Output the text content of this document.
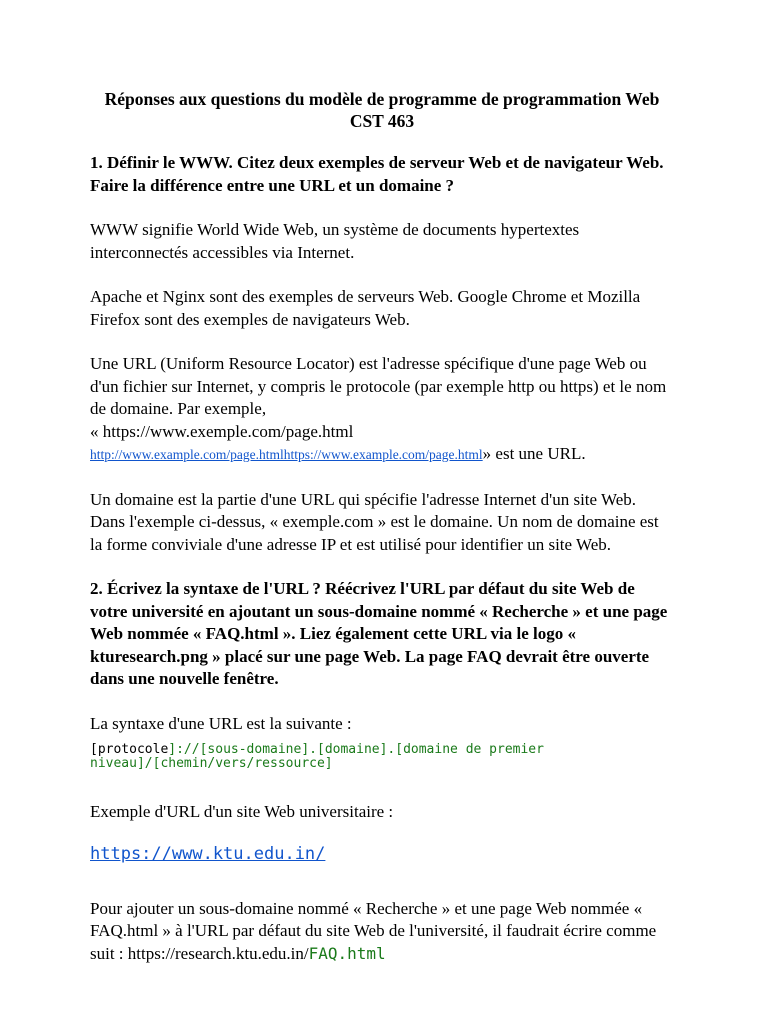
Réponses aux questions du modèle de programme de programmation Web CST 463

1. Définir le WWW. Citez deux exemples de serveur Web et de navigateur Web. Faire la différence entre une URL et un domaine ?

WWW signifie World Wide Web, un système de documents hypertextes interconnectés accessibles via Internet.

Apache et Nginx sont des exemples de serveurs Web. Google Chrome et Mozilla Firefox sont des exemples de navigateurs Web.

Une URL (Uniform Resource Locator) est l'adresse spécifique d'une page Web ou d'un fichier sur Internet, y compris le protocole (par exemple http ou https) et le nom de domaine. Par exemple,
« https://www.exemple.com/page.html http://www.example.com/page.htmlhttps://www.example.com/page.html» est une URL.

Un domaine est la partie d'une URL qui spécifie l'adresse Internet d'un site Web. Dans l'exemple ci-dessus, « exemple.com » est le domaine. Un nom de domaine est la forme conviviale d'une adresse IP et est utilisé pour identifier un site Web.

2. Écrivez la syntaxe de l'URL ? Réécrivez l'URL par défaut du site Web de votre université en ajoutant un sous-domaine nommé « Recherche » et une page Web nommée « FAQ.html ». Liez également cette URL via le logo « kturesearch.png » placé sur une page Web. La page FAQ devrait être ouverte dans une nouvelle fenêtre.

La syntaxe d'une URL est la suivante :

[protocole]://[sous-domaine].[domaine].[domaine de premier niveau]/[chemin/vers/ressource]

Exemple d'URL d'un site Web universitaire :

https://www.ktu.edu.in/

Pour ajouter un sous-domaine nommé « Recherche » et une page Web nommée « FAQ.html » à l'URL par défaut du site Web de l'université, il faudrait écrire comme suit : https://research.ktu.edu.in/FAQ.html
